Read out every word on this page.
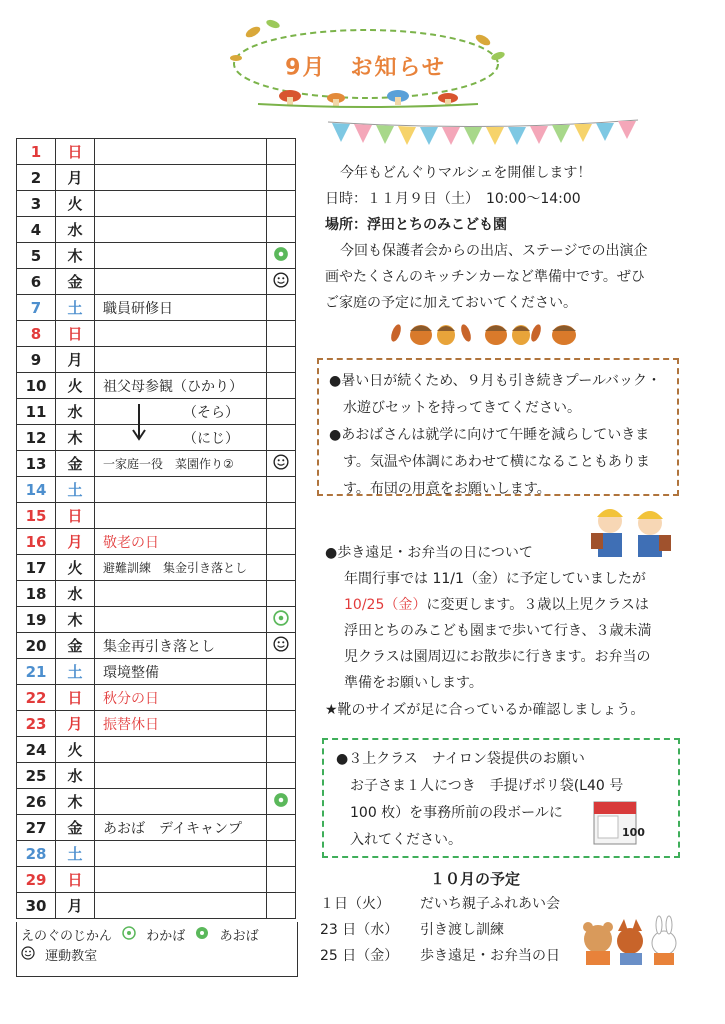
9月　お知らせ
1	日		
2	月		
3	火		
4	水		
5	木		
6	金		
7	土	職員研修日	
8	日		
9	月		
10	火	祖父母参観（ひかり）	
11	水	（そら）	
12	木	（にじ）	
13	金	一家庭一役　菜園作り②	
14	土		
15	日		
16	月	敬老の日	
17	火	避難訓練　集金引き落とし	
18	水		
19	木		
20	金	集金再引き落とし	
21	土	環境整備	
22	日	秋分の日	
23	月	振替休日	
24	火		
25	水		
26	木		
27	金	あおば　デイキャンプ	
28	土		
29	日		
30	月		
えのぐのじかん	わかば	あおば
運動教室
今年もどんぐりマルシェを開催します！
日時：１１月９日（土）　10:00～14:00
場所：浮田とちのみこども園
今回も保護者会からの出店、ステージでの出演企
画やたくさんのキッチンカーなど準備中です。ぜひ
ご家庭の予定に加えておいてください。
●暑い日が続くため、９月も引き続きプールバック・
水遊びセットを持ってきてください。
●あおばさんは就学に向けて午睡を減らしていきま
す。気温や体調にあわせて横になることもありま
す。布団の用意をお願いします。
●歩き遠足・お弁当の日について
年間行事では 11/1（金）に予定していましたが
10/25（金）に変更します。３歳以上児クラスは
浮田とちのみこども園まで歩いて行き、３歳未満
児クラスは園周辺にお散歩に行きます。お弁当の
準備をお願いします。
★靴のサイズが足に合っているか確認しましょう。
●３上クラス　ナイロン袋提供のお願い
お子さま１人につき　手提げポリ袋(L40 号
100 枚）を事務所前の段ボールに
入れてください。	100
１０月の予定
１日（火） だいち親子ふれあい会
23 日（水） 引き渡し訓練
25 日（金） 歩き遠足・お弁当の日
